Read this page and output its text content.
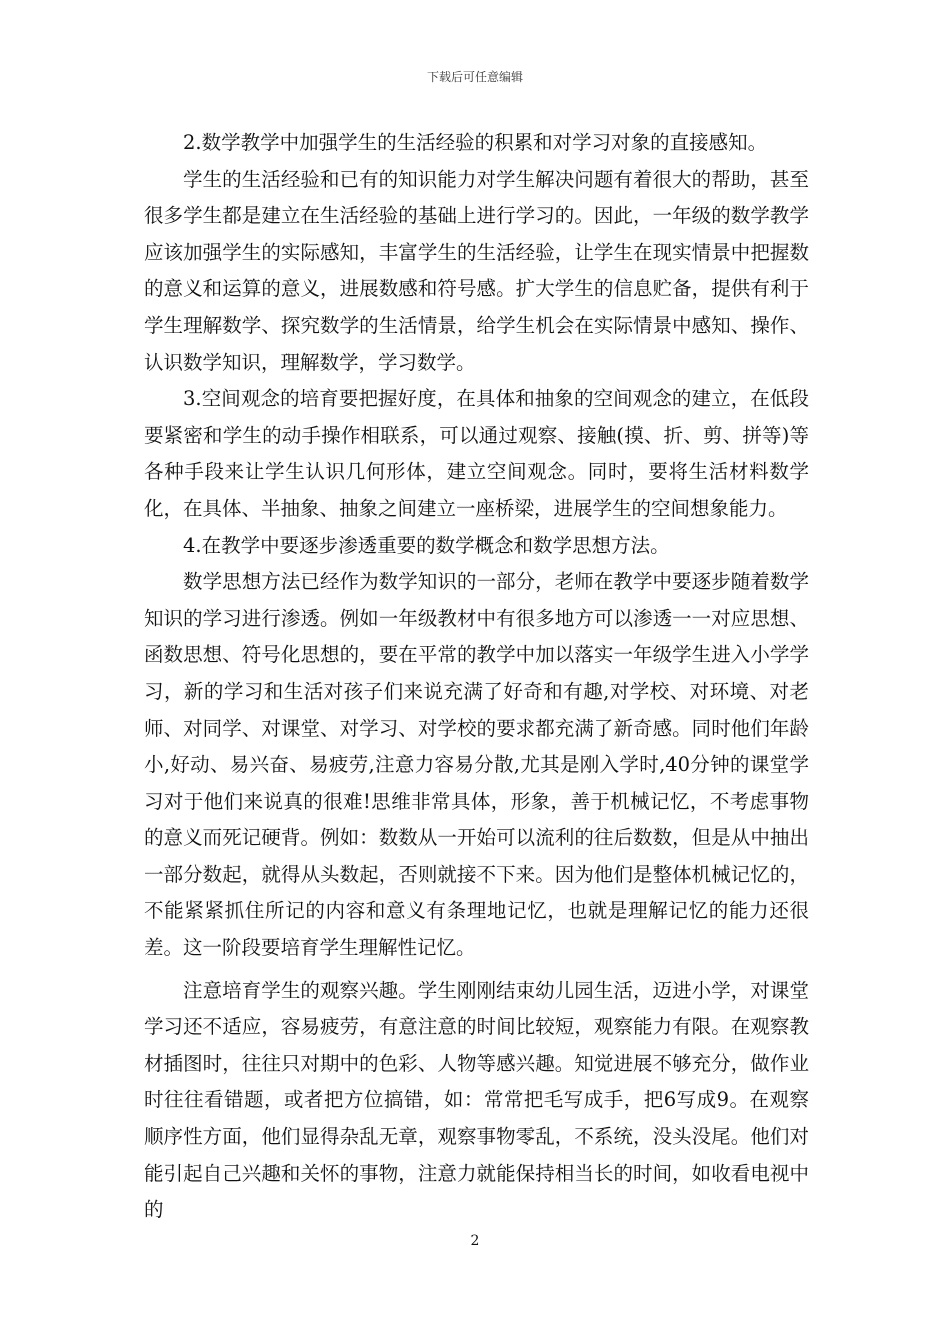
下载后可任意编辑

2.数学教学中加强学生的生活经验的积累和对学习对象的直接感知。

学生的生活经验和已有的知识能力对学生解决问题有着很大的帮助，甚至很多学生都是建立在生活经验的基础上进行学习的。因此，一年级的数学教学应该加强学生的实际感知，丰富学生的生活经验，让学生在现实情景中把握数的意义和运算的意义，进展数感和符号感。扩大学生的信息贮备，提供有利于学生理解数学、探究数学的生活情景，给学生机会在实际情景中感知、操作、认识数学知识，理解数学，学习数学。

3.空间观念的培育要把握好度，在具体和抽象的空间观念的建立，在低段要紧密和学生的动手操作相联系，可以通过观察、接触(摸、折、剪、拼等)等各种手段来让学生认识几何形体，建立空间观念。同时，要将生活材料数学化，在具体、半抽象、抽象之间建立一座桥梁，进展学生的空间想象能力。

4.在教学中要逐步渗透重要的数学概念和数学思想方法。

数学思想方法已经作为数学知识的一部分，老师在教学中要逐步随着数学知识的学习进行渗透。例如一年级教材中有很多地方可以渗透一一对应思想、函数思想、符号化思想的，要在平常的教学中加以落实一年级学生进入小学学习，新的学习和生活对孩子们来说充满了好奇和有趣,对学校、对环境、对老师、对同学、对课堂、对学习、对学校的要求都充满了新奇感。同时他们年龄小,好动、易兴奋、易疲劳,注意力容易分散,尤其是刚入学时,40分钟的课堂学习对于他们来说真的很难!思维非常具体，形象，善于机械记忆，不考虑事物的意义而死记硬背。例如：数数从一开始可以流利的往后数数，但是从中抽出一部分数起，就得从头数起，否则就接不下来。因为他们是整体机械记忆的，不能紧紧抓住所记的内容和意义有条理地记忆，也就是理解记忆的能力还很差。这一阶段要培育学生理解性记忆。

注意培育学生的观察兴趣。学生刚刚结束幼儿园生活，迈进小学，对课堂学习还不适应，容易疲劳，有意注意的时间比较短，观察能力有限。在观察教材插图时，往往只对期中的色彩、人物等感兴趣。知觉进展不够充分，做作业时往往看错题，或者把方位搞错，如：常常把毛写成手，把6写成9。在观察顺序性方面，他们显得杂乱无章，观察事物零乱，不系统，没头没尾。他们对能引起自己兴趣和关怀的事物，注意力就能保持相当长的时间，如收看电视中的

2
